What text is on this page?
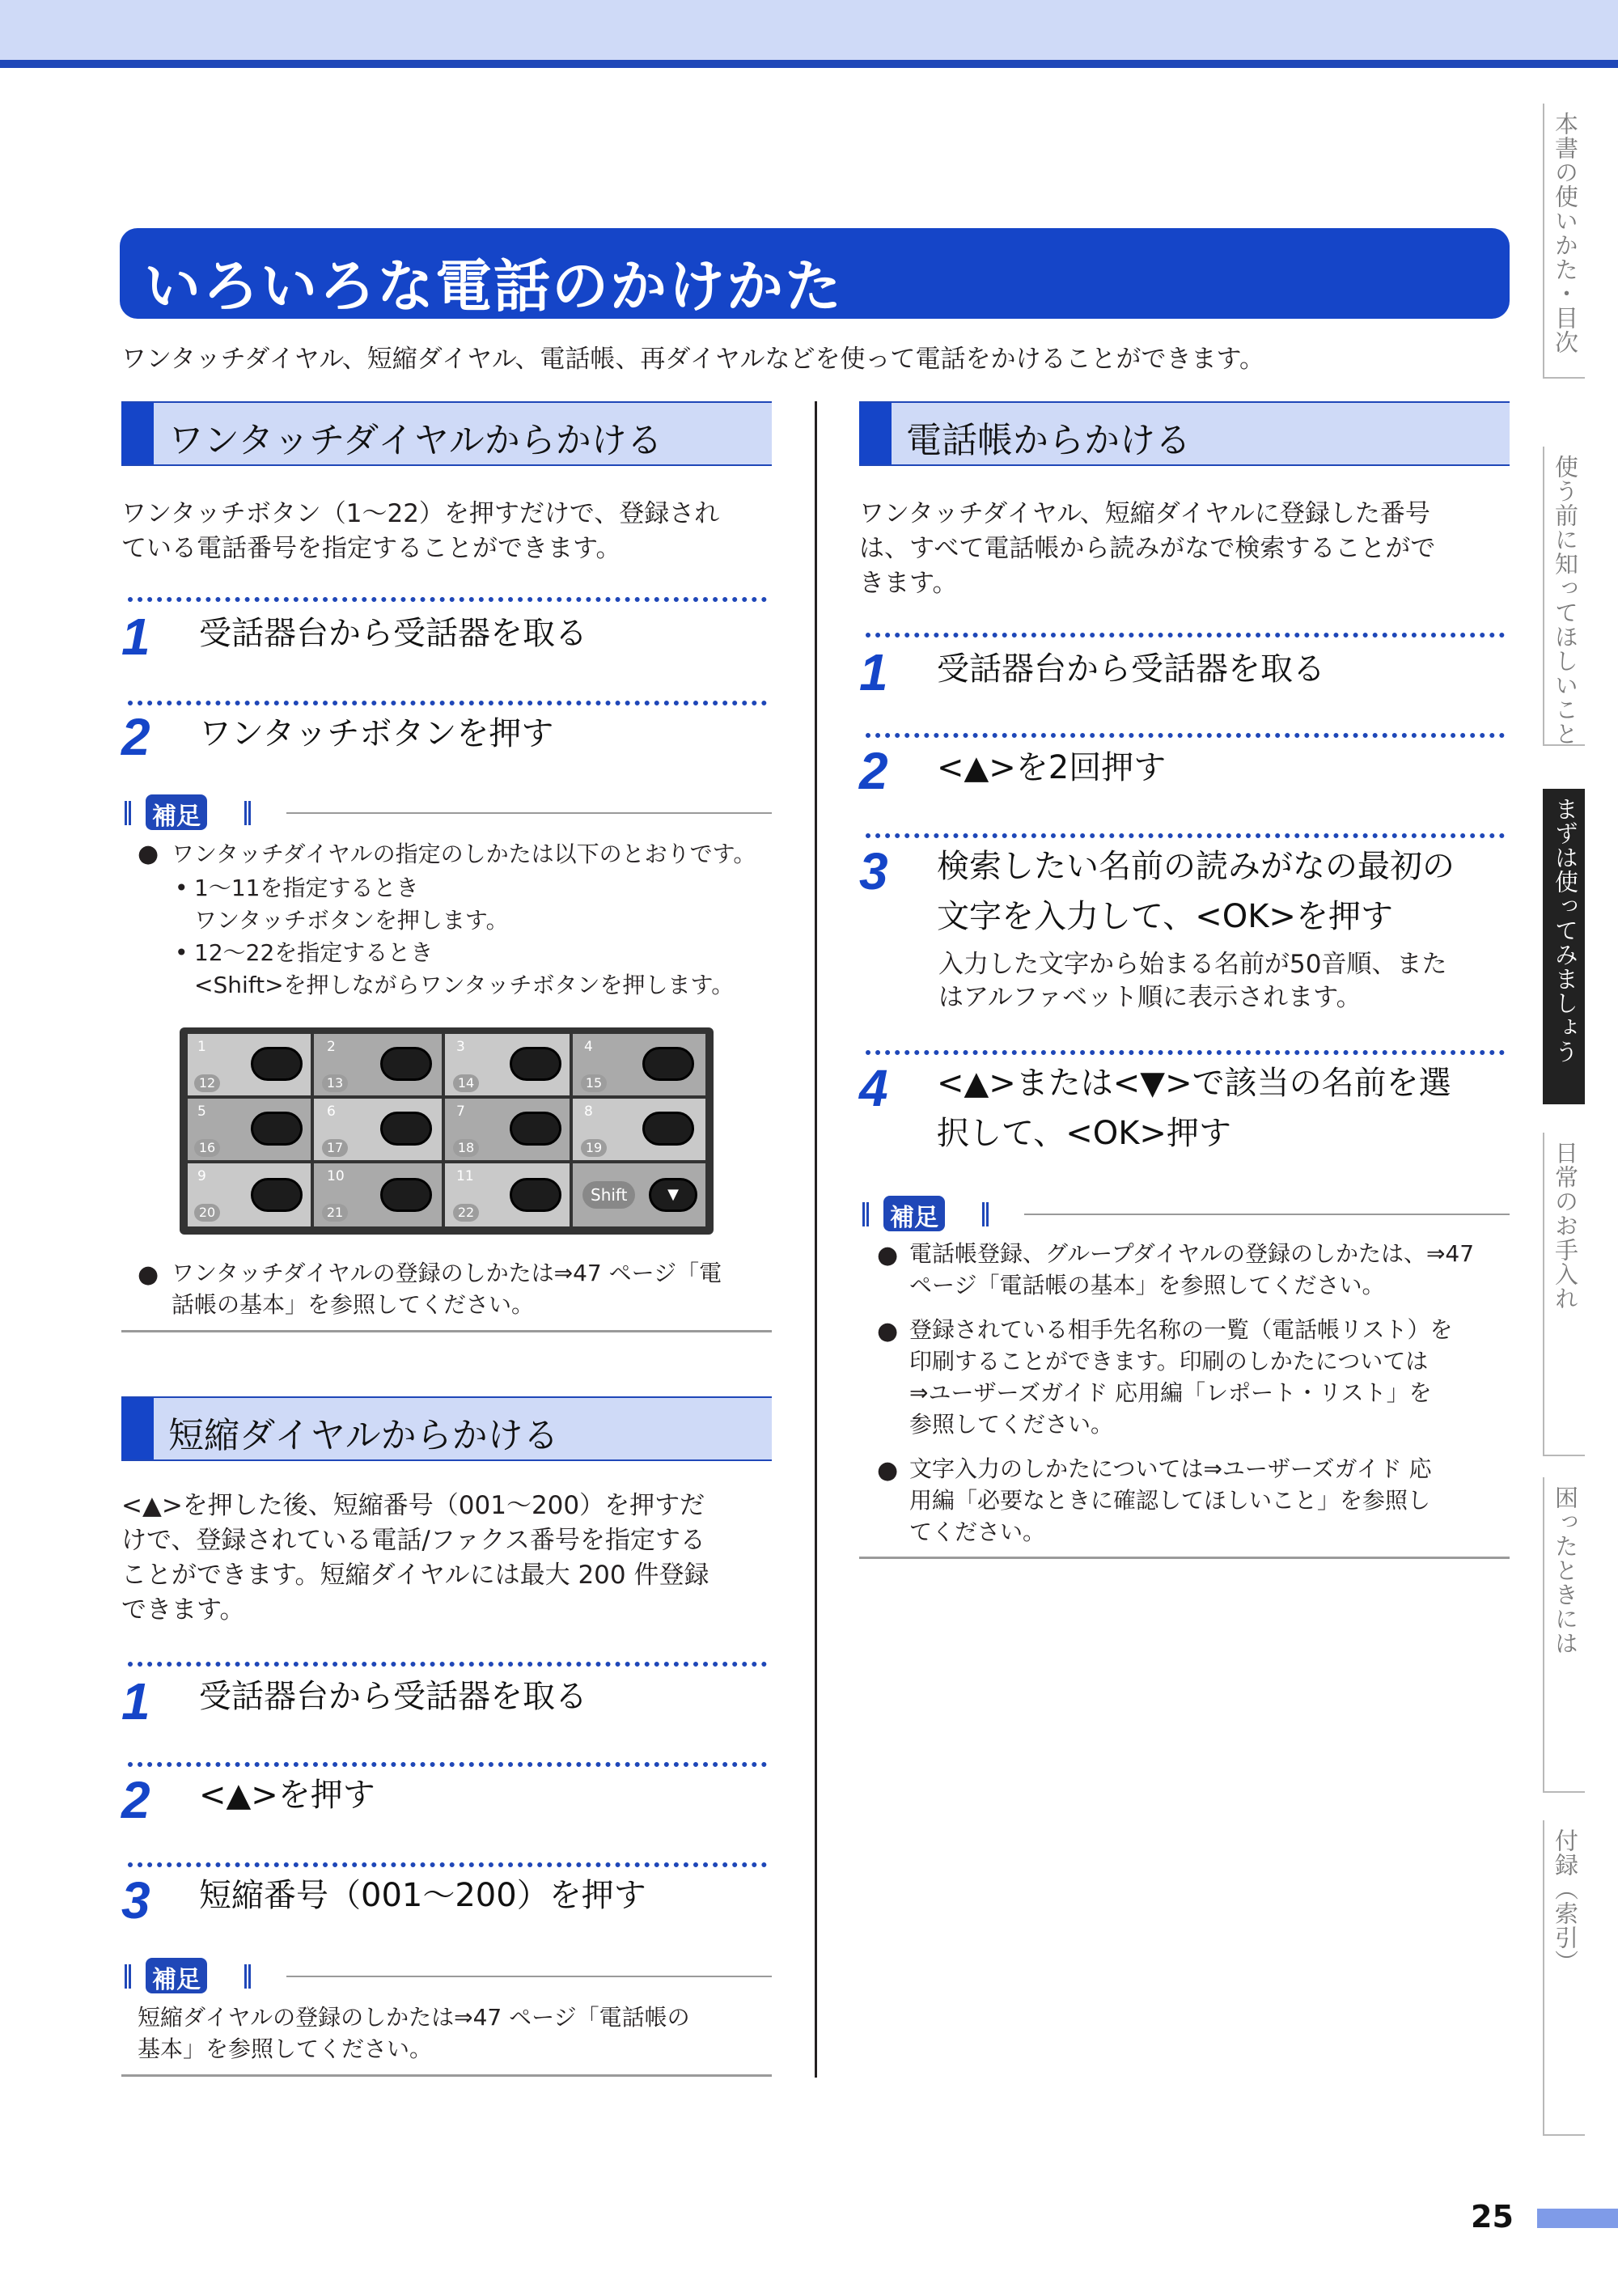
本書の使いかた・目次
使う前に知ってほしいこと
まずは使ってみましょう
日常のお手入れ
困ったときには
付録（索引）
いろいろな電話のかけかた
ワンタッチダイヤル、短縮ダイヤル、電話帳、再ダイヤルなどを使って電話をかけることができます。
ワンタッチダイヤルからかける
ワンタッチボタン（1〜22）を押すだけで、登録され
ている電話番号を指定することができます。
1 受話器台から受話器を取る
2 ワンタッチボタンを押す
補足
● ワンタッチダイヤルの指定のしかたは以下のとおりです。
• 1〜11を指定するとき
ワンタッチボタンを押します。
• 12〜22を指定するとき
<Shift>を押しながらワンタッチボタンを押します。
1	2	3	4
5	6	7	8
9	10	11
12	13	14	15
16	17	18	19
20	21	22
Shift	▼
● ワンタッチダイヤルの登録のしかたは⇒47 ページ「電
話帳の基本」を参照してください。
短縮ダイヤルからかける
<▲>を押した後、短縮番号（001〜200）を押すだ
けで、登録されている電話/ファクス番号を指定する
ことができます。短縮ダイヤルには最大 200 件登録
できます。
1 受話器台から受話器を取る
2 <▲>を押す
3 短縮番号（001〜200）を押す
補足
短縮ダイヤルの登録のしかたは⇒47 ページ「電話帳の
基本」を参照してください。
電話帳からかける
ワンタッチダイヤル、短縮ダイヤルに登録した番号
は、すべて電話帳から読みがなで検索することがで
きます。
1 受話器台から受話器を取る
2 <▲>を2回押す
3 検索したい名前の読みがなの最初の
文字を入力して、<OK>を押す
入力した文字から始まる名前が50音順、また
はアルファベット順に表示されます。
4 <▲>または<▼>で該当の名前を選
択して、<OK>押す
補足
● 電話帳登録、グループダイヤルの登録のしかたは、⇒47
ページ「電話帳の基本」を参照してください。
● 登録されている相手先名称の一覧（電話帳リスト）を
印刷することができます。印刷のしかたについては
⇒ユーザーズガイド 応用編「レポート・リスト」を
参照してください。
● 文字入力のしかたについては⇒ユーザーズガイド 応
用編「必要なときに確認してほしいこと」を参照し
てください。
25
